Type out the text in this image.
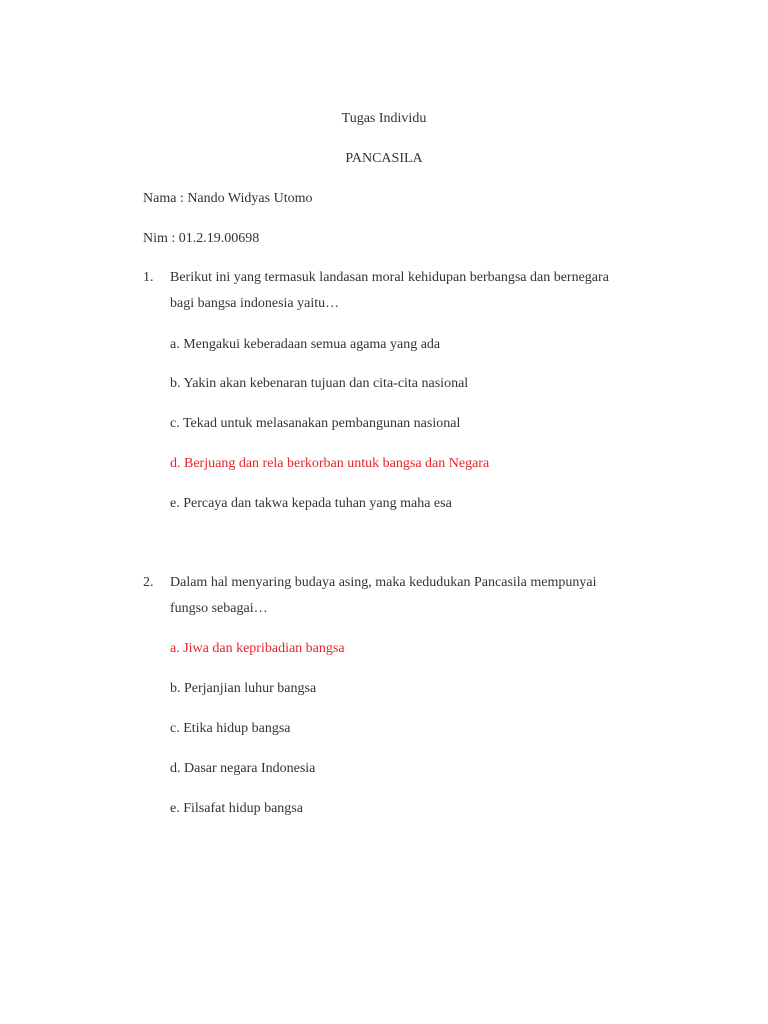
Tugas Individu
PANCASILA
Nama : Nando Widyas Utomo
Nim : 01.2.19.00698
1. Berikut ini yang termasuk landasan moral kehidupan berbangsa dan bernegara
bagi bangsa indonesia yaitu…
a. Mengakui keberadaan semua agama yang ada
b. Yakin akan kebenaran tujuan dan cita-cita nasional
c. Tekad untuk melasanakan pembangunan nasional
d. Berjuang dan rela berkorban untuk bangsa dan Negara
e. Percaya dan takwa kepada tuhan yang maha esa
2. Dalam hal menyaring budaya asing, maka kedudukan Pancasila mempunyai
fungso sebagai…
a. Jiwa dan kepribadian bangsa
b. Perjanjian luhur bangsa
c. Etika hidup bangsa
d. Dasar negara Indonesia
e. Filsafat hidup bangsa
